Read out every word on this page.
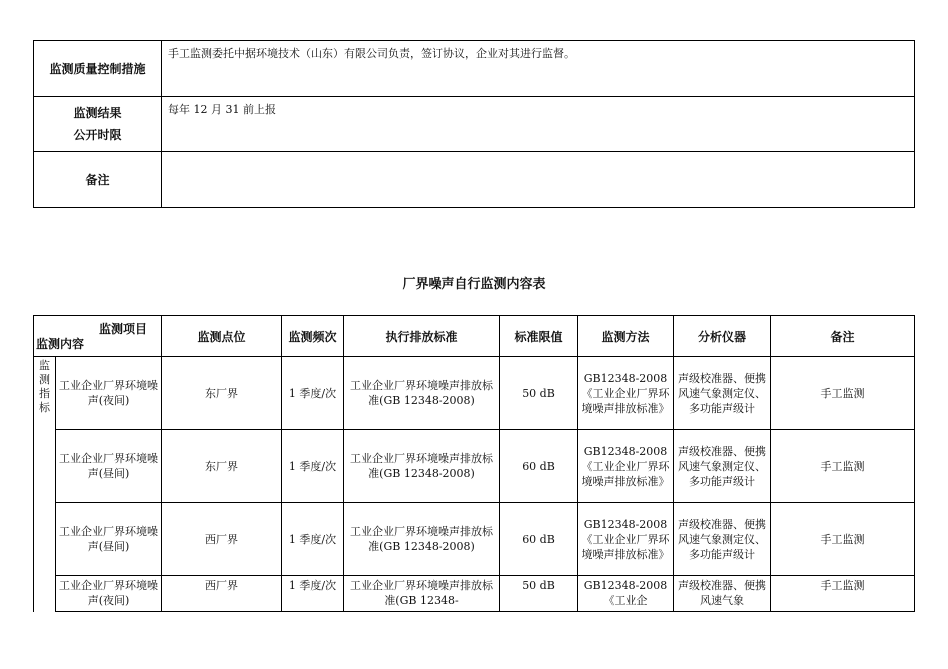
监测质量控制措施	手工监测委托中据环境技术（山东）有限公司负责，签订协议，企业对其进行监督。

监测结果
公开时限	每年 12 月 31 前上报
备注	
厂界噪声自行监测内容表
监测项目
监测内容		监测点位	监测频次	执行排放标准	标准限值	监测方法	分析仪器	备注

监
测
指
标	工业企业厂界环境噪声(夜间)	东厂界	1 季度/次	工业企业厂界环境噪声排放标准(GB 12348-2008)	50 dB	GB12348-2008《工业企业厂界环境噪声排放标准》	声级校准器、便携风速气象测定仪、多功能声级计	手工监测
	工业企业厂界环境噪声(昼间)	东厂界	1 季度/次	工业企业厂界环境噪声排放标准(GB 12348-2008)	60 dB	GB12348-2008《工业企业厂界环境噪声排放标准》	声级校准器、便携风速气象测定仪、多功能声级计	手工监测
	工业企业厂界环境噪声(昼间)	西厂界	1 季度/次	工业企业厂界环境噪声排放标准(GB 12348-2008)	60 dB	GB12348-2008《工业企业厂界环境噪声排放标准》	声级校准器、便携风速气象测定仪、多功能声级计	手工监测
	工业企业厂界环境噪声(夜间)	西厂界	1 季度/次	工业企业厂界环境噪声排放标准(GB 12348-	50 dB	GB12348-2008《工业企	声级校准器、便携风速气象	手工监测
